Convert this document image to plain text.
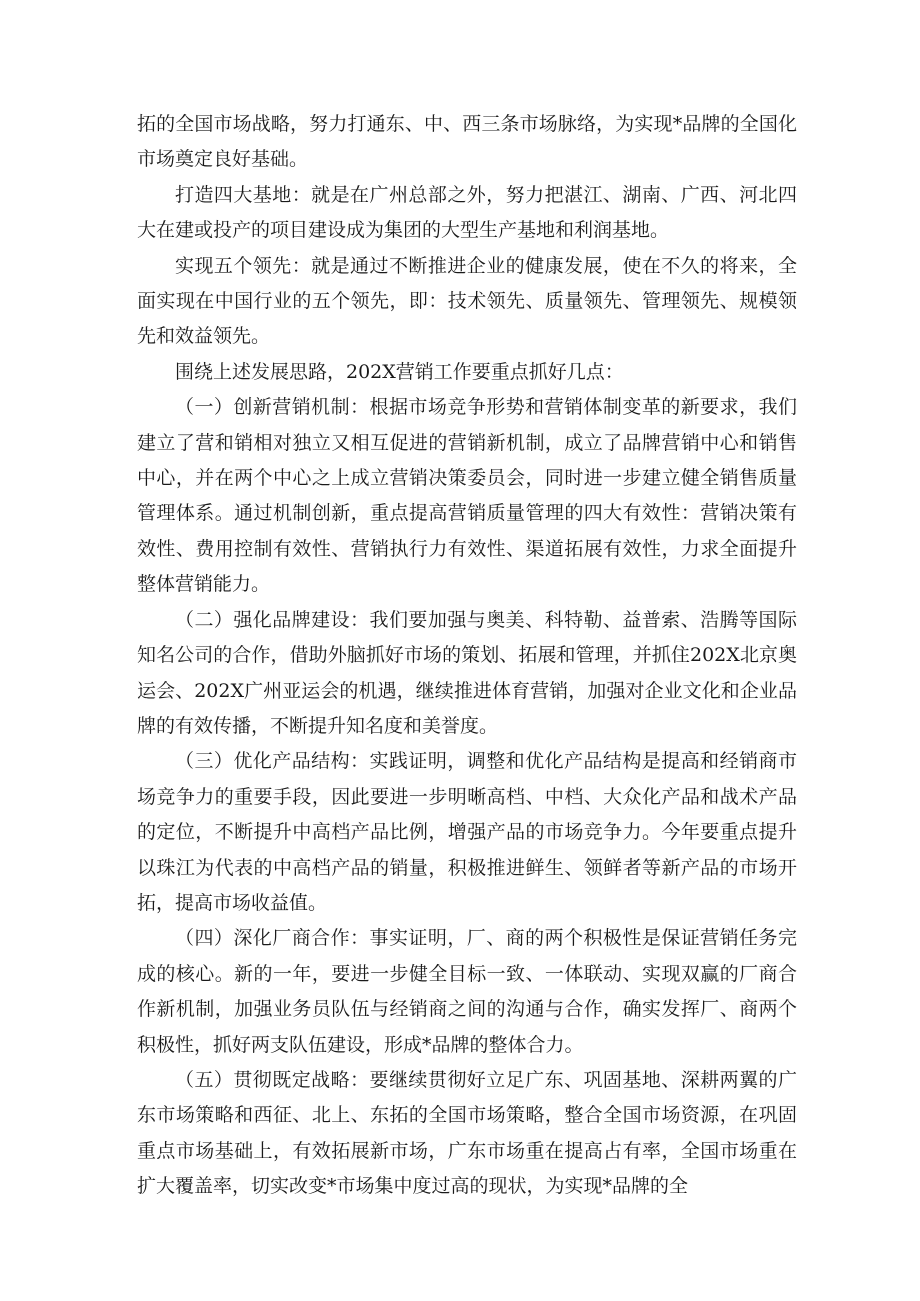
拓的全国市场战略，努力打通东、中、西三条市场脉络，为实现*品牌的全国化市场奠定良好基础。

打造四大基地：就是在广州总部之外，努力把湛江、湖南、广西、河北四大在建或投产的项目建设成为集团的大型生产基地和利润基地。

实现五个领先：就是通过不断推进企业的健康发展，使在不久的将来，全面实现在中国行业的五个领先，即：技术领先、质量领先、管理领先、规模领先和效益领先。

围绕上述发展思路，202X营销工作要重点抓好几点：

（一）创新营销机制：根据市场竞争形势和营销体制变革的新要求，我们建立了营和销相对独立又相互促进的营销新机制，成立了品牌营销中心和销售中心，并在两个中心之上成立营销决策委员会，同时进一步建立健全销售质量管理体系。通过机制创新，重点提高营销质量管理的四大有效性：营销决策有效性、费用控制有效性、营销执行力有效性、渠道拓展有效性，力求全面提升整体营销能力。

（二）强化品牌建设：我们要加强与奥美、科特勒、益普索、浩腾等国际知名公司的合作，借助外脑抓好市场的策划、拓展和管理，并抓住202X北京奥运会、202X广州亚运会的机遇，继续推进体育营销，加强对企业文化和企业品牌的有效传播，不断提升知名度和美誉度。

（三）优化产品结构：实践证明，调整和优化产品结构是提高和经销商市场竞争力的重要手段，因此要进一步明晰高档、中档、大众化产品和战术产品的定位，不断提升中高档产品比例，增强产品的市场竞争力。今年要重点提升以珠江为代表的中高档产品的销量，积极推进鲜生、领鲜者等新产品的市场开拓，提高市场收益值。

（四）深化厂商合作：事实证明，厂、商的两个积极性是保证营销任务完成的核心。新的一年，要进一步健全目标一致、一体联动、实现双赢的厂商合作新机制，加强业务员队伍与经销商之间的沟通与合作，确实发挥厂、商两个积极性，抓好两支队伍建设，形成*品牌的整体合力。

（五）贯彻既定战略：要继续贯彻好立足广东、巩固基地、深耕两翼的广东市场策略和西征、北上、东拓的全国市场策略，整合全国市场资源，在巩固重点市场基础上，有效拓展新市场，广东市场重在提高占有率，全国市场重在扩大覆盖率，切实改变*市场集中度过高的现状，为实现*品牌的全
